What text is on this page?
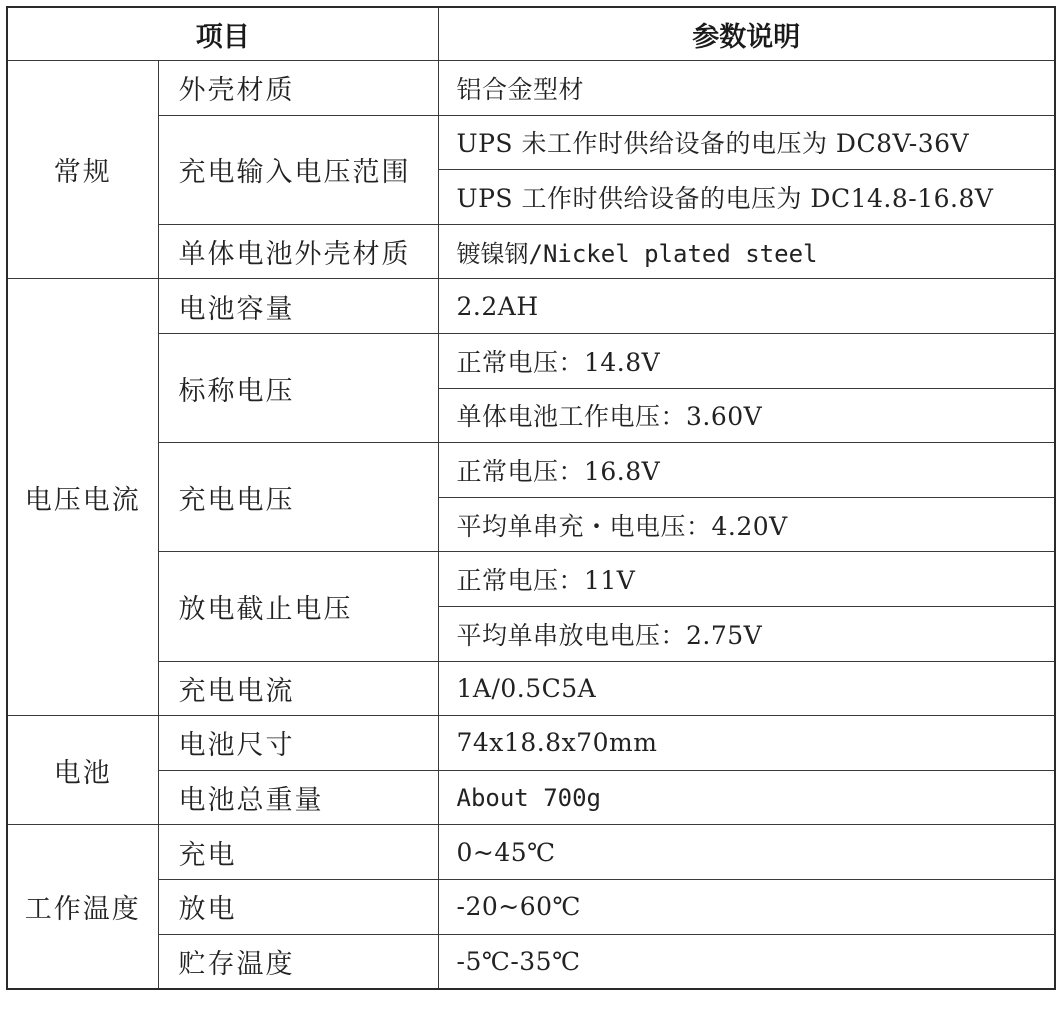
项目		参数说明
常规	外壳材质	铝合金型材
	充电输入电压范围	UPS 未工作时供给设备的电压为 DC8V-36V
		UPS 工作时供给设备的电压为 DC14.8-16.8V
	单体电池外壳材质	镀镍钢/Nickel plated steel
电压电流	电池容量	2.2AH
	标称电压	正常电压：14.8V
		单体电池工作电压：3.60V
	充电电压	正常电压：16.8V
		平均单串充・电电压：4.20V
	放电截止电压	正常电压：11V
		平均单串放电电压：2.75V
	充电电流	1A/0.5C5A
电池	电池尺寸	74x18.8x70mm
	电池总重量	About 700g
工作温度	充电	0~45℃
	放电	-20~60℃
	贮存温度	-5℃-35℃
